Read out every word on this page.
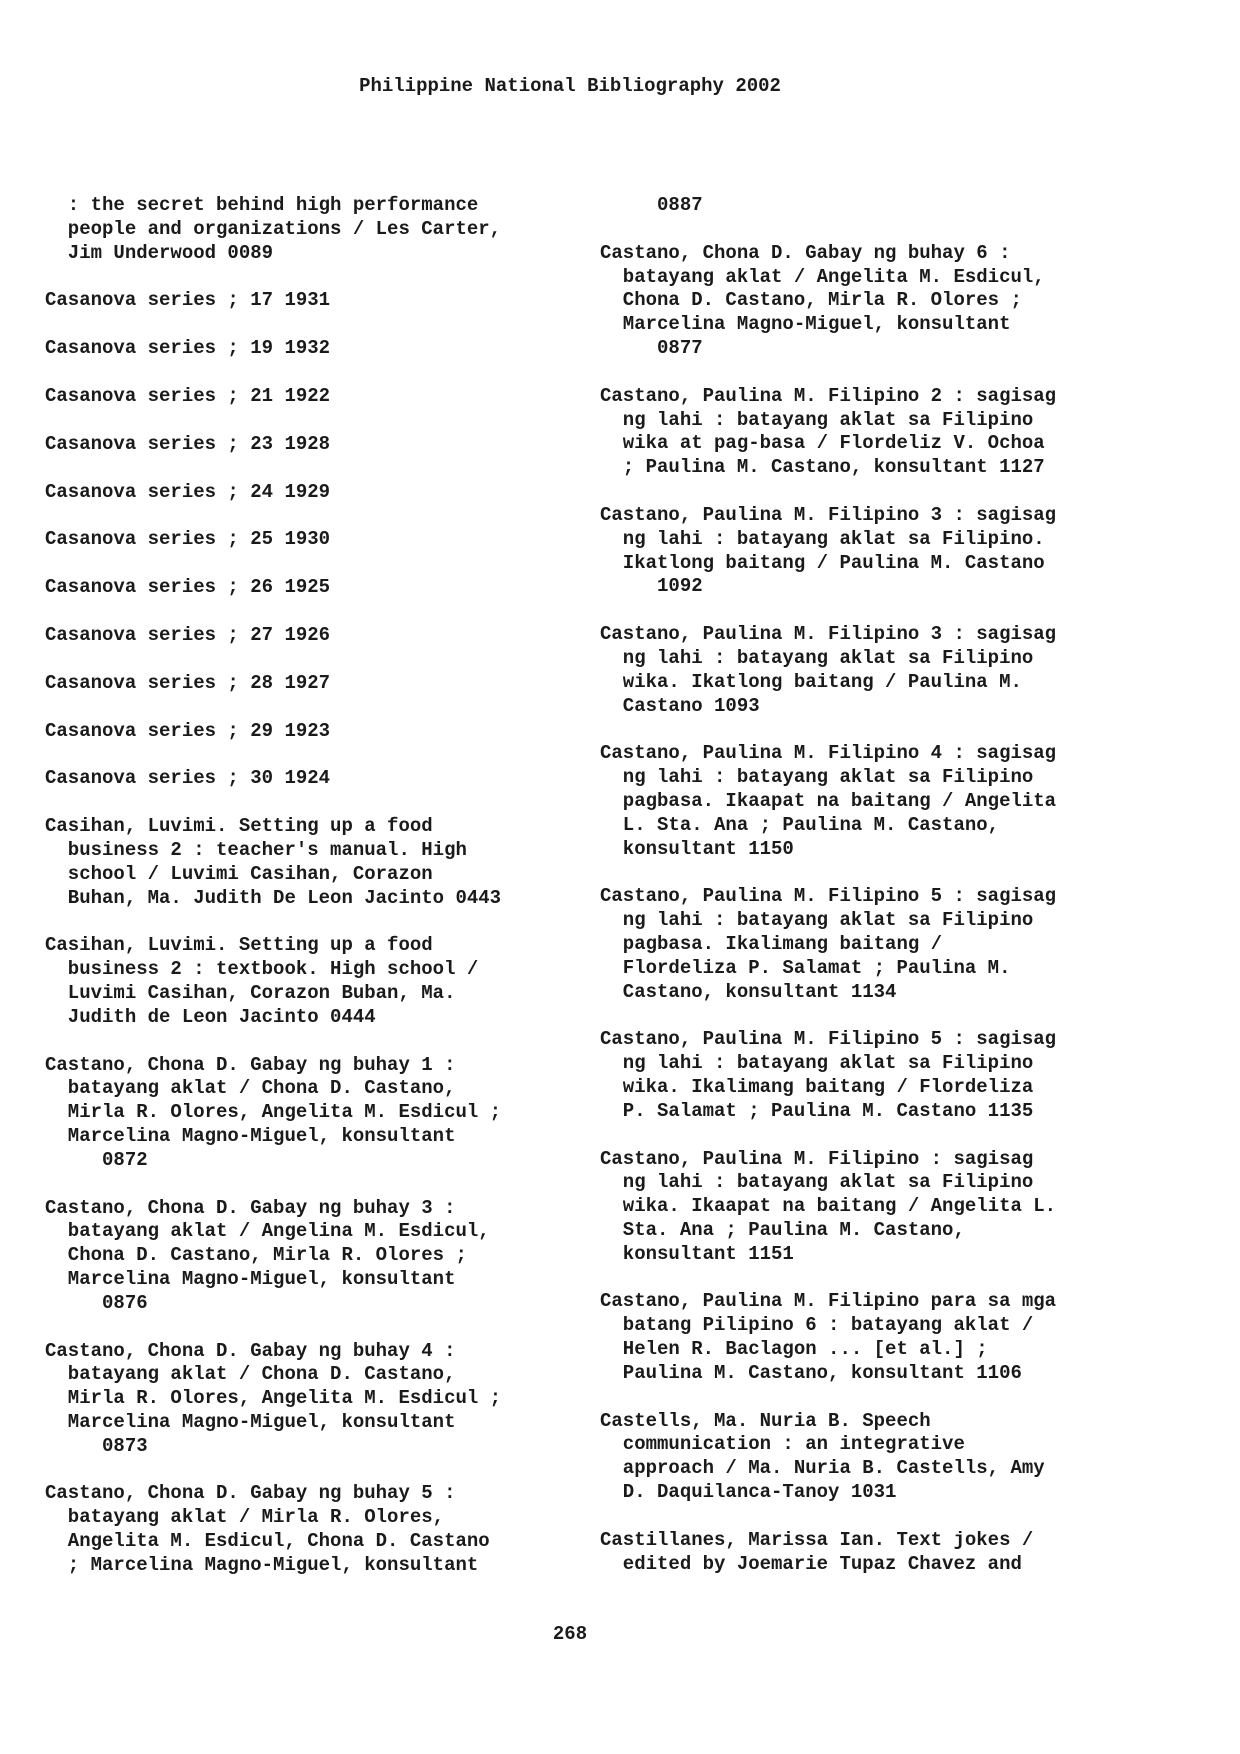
Philippine National Bibliography 2002
: the secret behind high performance
people and organizations / Les Carter,
Jim Underwood 0089
Casanova series ; 17 1931
Casanova series ; 19 1932
Casanova series ; 21 1922
Casanova series ; 23 1928
Casanova series ; 24 1929
Casanova series ; 25 1930
Casanova series ; 26 1925
Casanova series ; 27 1926
Casanova series ; 28 1927
Casanova series ; 29 1923
Casanova series ; 30 1924
Casihan, Luvimi. Setting up a food
business 2 : teacher's manual. High
school / Luvimi Casihan, Corazon
Buhan, Ma. Judith De Leon Jacinto 0443
Casihan, Luvimi. Setting up a food
business 2 : textbook. High school /
Luvimi Casihan, Corazon Buban, Ma.
Judith de Leon Jacinto 0444
Castano, Chona D. Gabay ng buhay 1 :
batayang aklat / Chona D. Castano,
Mirla R. Olores, Angelita M. Esdicul ;
Marcelina Magno-Miguel, konsultant
0872
Castano, Chona D. Gabay ng buhay 3 :
batayang aklat / Angelina M. Esdicul,
Chona D. Castano, Mirla R. Olores ;
Marcelina Magno-Miguel, konsultant
0876
Castano, Chona D. Gabay ng buhay 4 :
batayang aklat / Chona D. Castano,
Mirla R. Olores, Angelita M. Esdicul ;
Marcelina Magno-Miguel, konsultant
0873
Castano, Chona D. Gabay ng buhay 5 :
batayang aklat / Mirla R. Olores,
Angelita M. Esdicul, Chona D. Castano
; Marcelina Magno-Miguel, konsultant
0887
Castano, Chona D. Gabay ng buhay 6 :
batayang aklat / Angelita M. Esdicul,
Chona D. Castano, Mirla R. Olores ;
Marcelina Magno-Miguel, konsultant
0877
Castano, Paulina M. Filipino 2 : sagisag
ng lahi : batayang aklat sa Filipino
wika at pag-basa / Flordeliz V. Ochoa
; Paulina M. Castano, konsultant 1127
Castano, Paulina M. Filipino 3 : sagisag
ng lahi : batayang aklat sa Filipino.
Ikatlong baitang / Paulina M. Castano
1092
Castano, Paulina M. Filipino 3 : sagisag
ng lahi : batayang aklat sa Filipino
wika. Ikatlong baitang / Paulina M.
Castano 1093
Castano, Paulina M. Filipino 4 : sagisag
ng lahi : batayang aklat sa Filipino
pagbasa. Ikaapat na baitang / Angelita
L. Sta. Ana ; Paulina M. Castano,
konsultant 1150
Castano, Paulina M. Filipino 5 : sagisag
ng lahi : batayang aklat sa Filipino
pagbasa. Ikalimang baitang /
Flordeliza P. Salamat ; Paulina M.
Castano, konsultant 1134
Castano, Paulina M. Filipino 5 : sagisag
ng lahi : batayang aklat sa Filipino
wika. Ikalimang baitang / Flordeliza
P. Salamat ; Paulina M. Castano 1135
Castano, Paulina M. Filipino : sagisag
ng lahi : batayang aklat sa Filipino
wika. Ikaapat na baitang / Angelita L.
Sta. Ana ; Paulina M. Castano,
konsultant 1151
Castano, Paulina M. Filipino para sa mga
batang Pilipino 6 : batayang aklat /
Helen R. Baclagon ... [et al.] ;
Paulina M. Castano, konsultant 1106
Castells, Ma. Nuria B. Speech
communication : an integrative
approach / Ma. Nuria B. Castells, Amy
D. Daquilanca-Tanoy 1031
Castillanes, Marissa Ian. Text jokes /
edited by Joemarie Tupaz Chavez and
268
